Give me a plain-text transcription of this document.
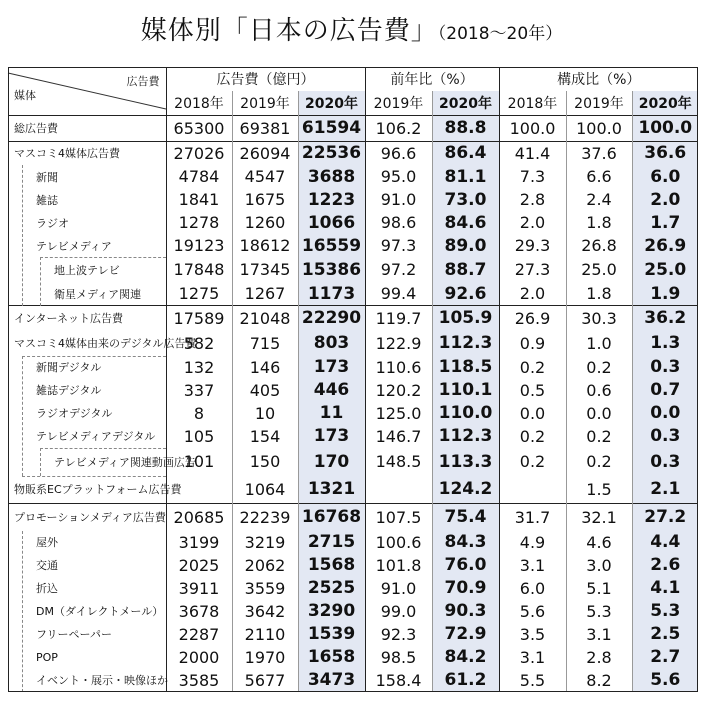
媒体別「日本の広告費」（2018〜20年）
広告費
媒体	広告費（億円）			前年比（%）		構成比（%）		
	2018年	2019年	2020年	2019年	2020年	2018年	2019年	2020年
総広告費	65300	69381	61594	106.2	88.8	100.0	100.0	100.0
マスコミ4媒体広告費	27026	26094	22536	96.6	86.4	41.4	37.6	36.6
新聞	4784	4547	3688	95.0	81.1	7.3	6.6	6.0
雑誌	1841	1675	1223	91.0	73.0	2.8	2.4	2.0
ラジオ	1278	1260	1066	98.6	84.6	2.0	1.8	1.7
テレビメディア	19123	18612	16559	97.3	89.0	29.3	26.8	26.9
地上波テレビ	17848	17345	15386	97.2	88.7	27.3	25.0	25.0
衛星メディア関連	1275	1267	1173	99.4	92.6	2.0	1.8	1.9
インターネット広告費	17589	21048	22290	119.7	105.9	26.9	30.3	36.2
マスコミ4媒体由来のデジタル広告費	582	715	803	122.9	112.3	0.9	1.0	1.3
新聞デジタル	132	146	173	110.6	118.5	0.2	0.2	0.3
雑誌デジタル	337	405	446	120.2	110.1	0.5	0.6	0.7
ラジオデジタル	8	10	11	125.0	110.0	0.0	0.0	0.0
テレビメディアデジタル	105	154	173	146.7	112.3	0.2	0.2	0.3
テレビメディア関連動画広告	101	150	170	148.5	113.3	0.2	0.2	0.3
物販系ECプラットフォーム広告費		1064	1321		124.2		1.5	2.1
プロモーションメディア広告費	20685	22239	16768	107.5	75.4	31.7	32.1	27.2
屋外	3199	3219	2715	100.6	84.3	4.9	4.6	4.4
交通	2025	2062	1568	101.8	76.0	3.1	3.0	2.6
折込	3911	3559	2525	91.0	70.9	6.0	5.1	4.1
DM（ダイレクトメール）	3678	3642	3290	99.0	90.3	5.6	5.3	5.3
フリーペーパー	2287	2110	1539	92.3	72.9	3.5	3.1	2.5
POP	2000	1970	1658	98.5	84.2	3.1	2.8	2.7
イベント・展示・映像ほか	3585	5677	3473	158.4	61.2	5.5	8.2	5.6
